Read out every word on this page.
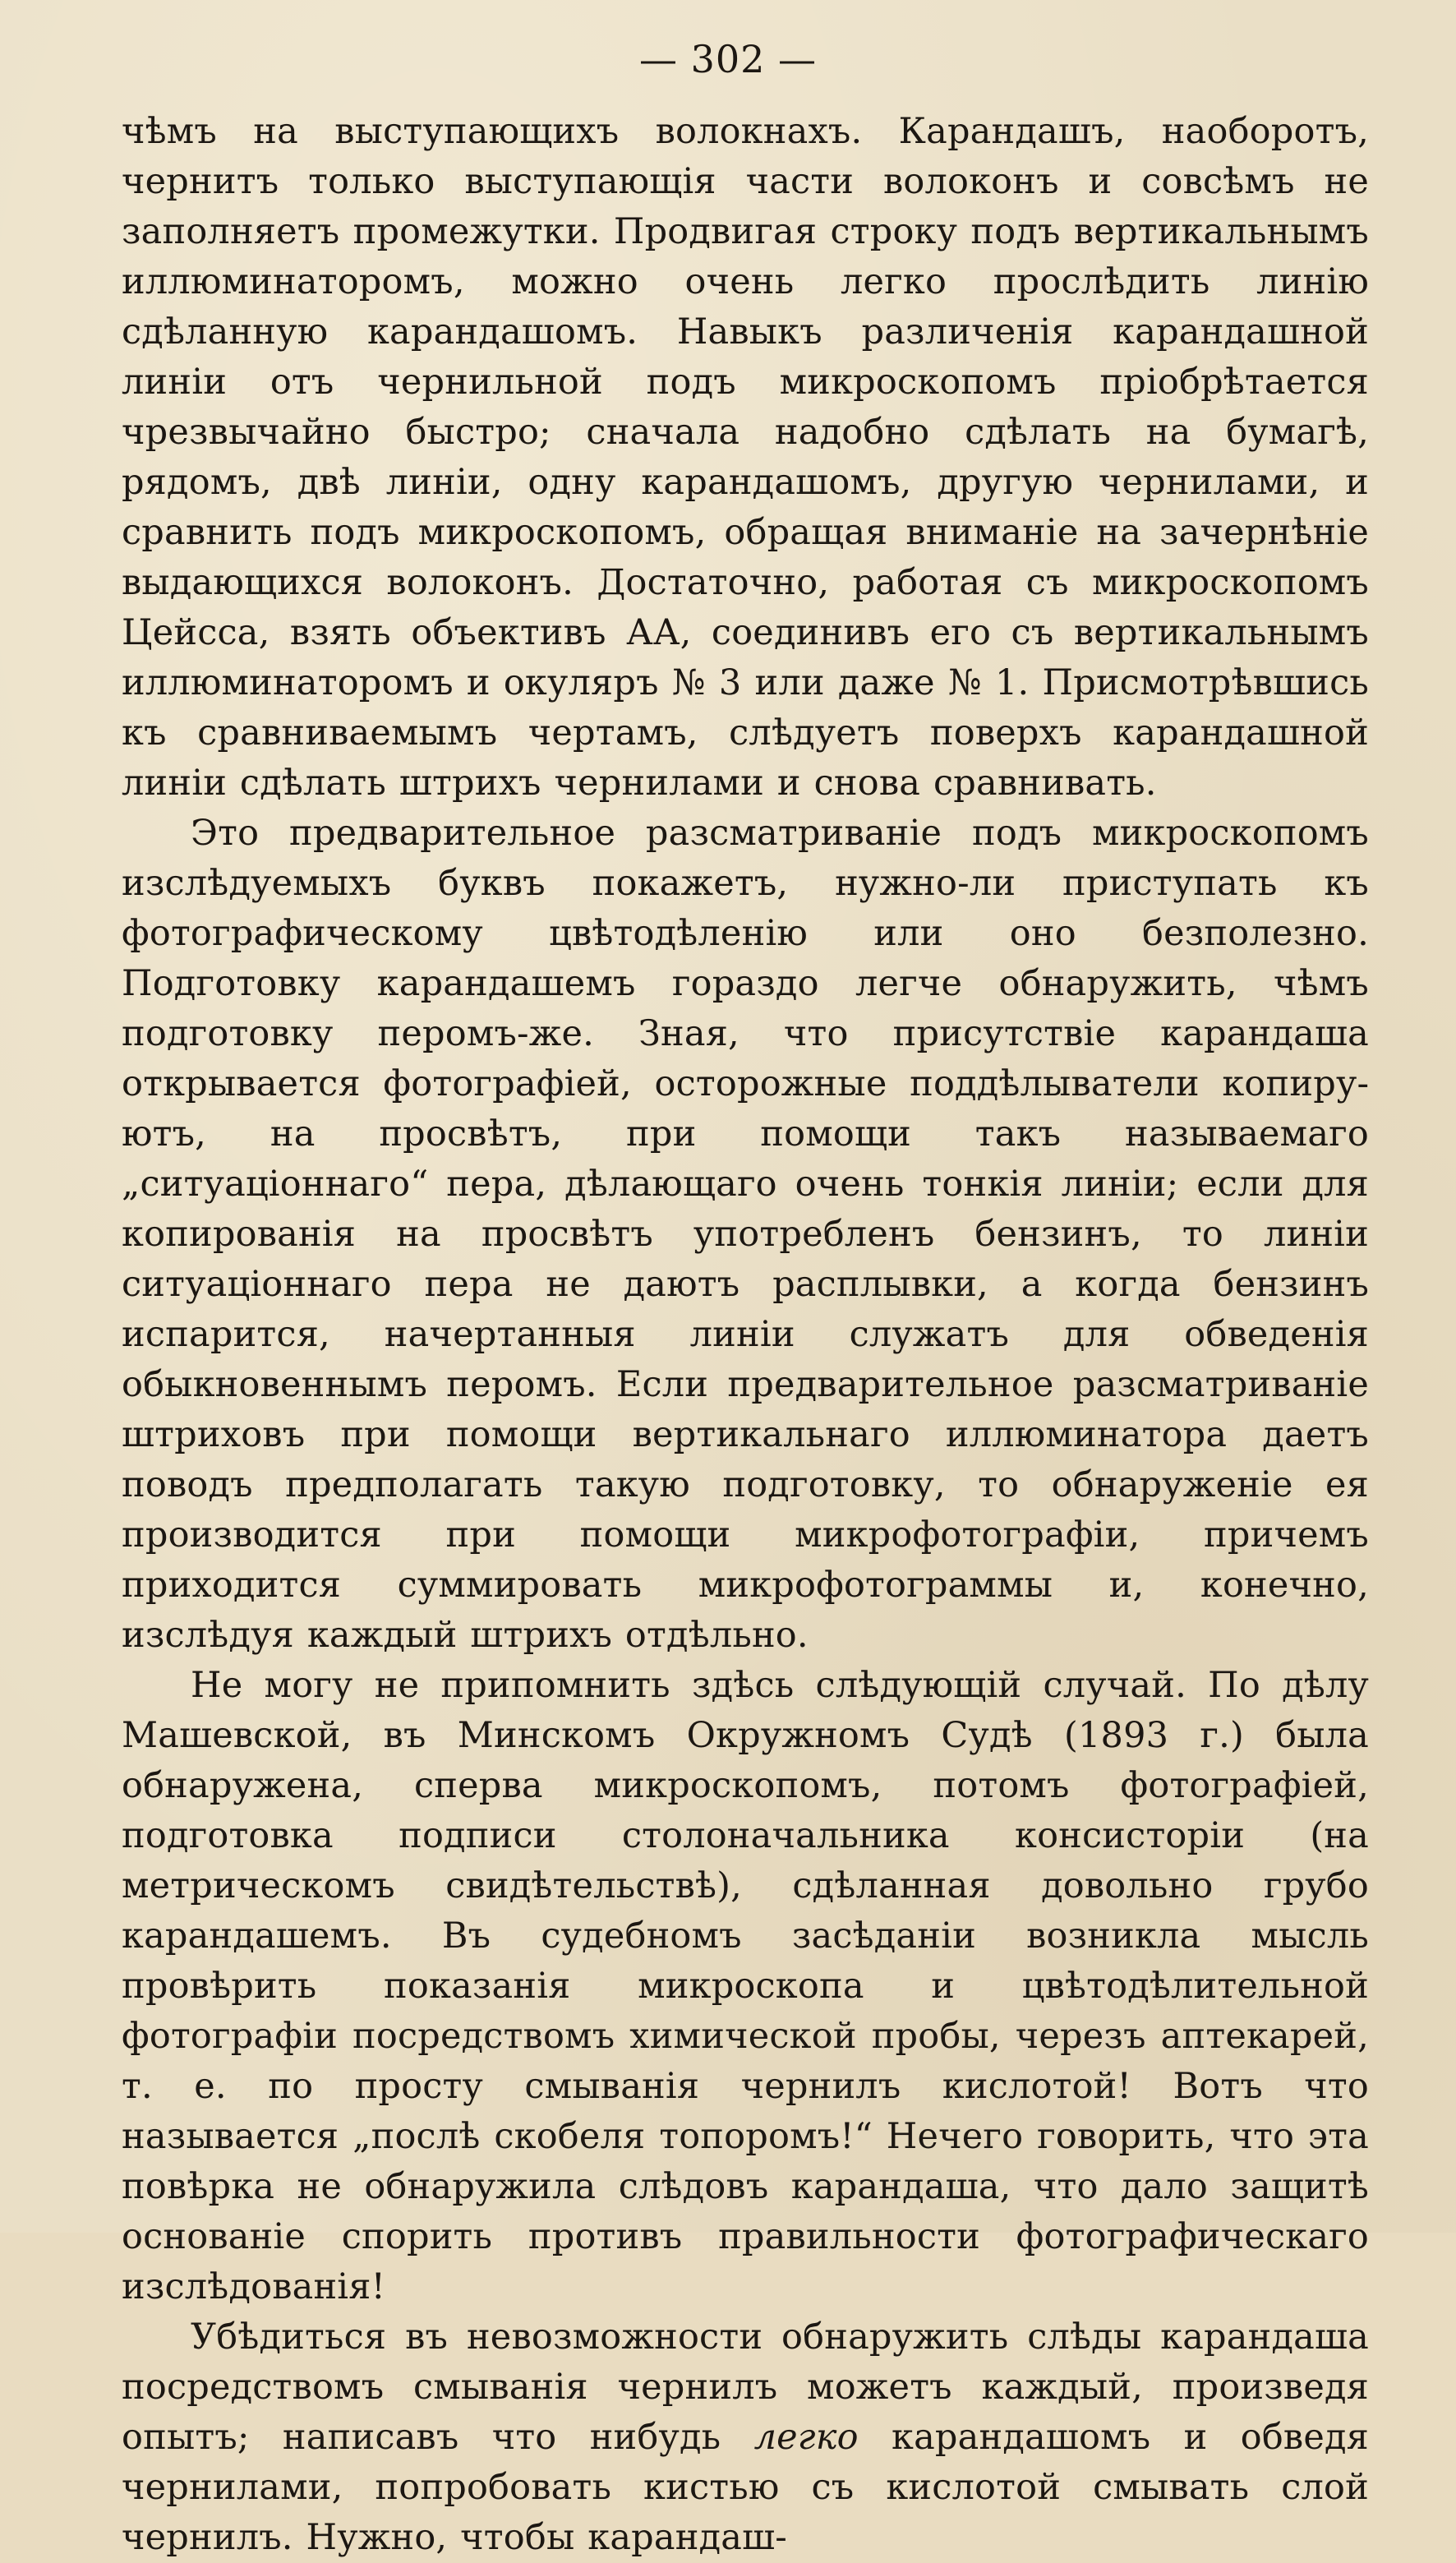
— 302 —

чѣмъ на выступающихъ волокнахъ. Карандашъ, наоборотъ, чернитъ только выступающія части волоконъ и совсѣмъ не заполняетъ промежутки. Продвигая строку подъ вертикальнымъ иллюминаторомъ, можно очень легко прослѣдить линію сдѣланную карандашомъ. Навыкъ различенія карандашной линіи отъ чернильной подъ микроскопомъ пріобрѣтается чрезвычайно быстро; сначала надобно сдѣлать на бумагѣ, рядомъ, двѣ линіи, одну карандашомъ, другую чернилами, и сравнить подъ микроскопомъ, обращая вниманіе на зачернѣніе выдающихся волоконъ. Достаточно, работая съ микроскопомъ Цейсса, взять объективъ АА, соединивъ его съ вертикальнымъ иллюминаторомъ и окуляръ № 3 или даже № 1. Присмотрѣвшись къ сравниваемымъ чертамъ, слѣдуетъ поверхъ карандашной линіи сдѣлать штрихъ чернилами и снова сравнивать.

Это предварительное разсматриваніе подъ микроскопомъ изслѣдуемыхъ буквъ покажетъ, нужно-ли приступать къ фотографическому цвѣтодѣленію или оно безполезно. Подготовку карандашемъ гораздо легче обнаружить, чѣмъ подготовку перомъ-же. Зная, что присутствіе карандаша открывается фотографіей, осторожные поддѣлыватели копируютъ, на просвѣтъ, при помощи такъ называемаго „ситуаціоннаго“ пера, дѣлающаго очень тонкія линіи; если для копированія на просвѣтъ употребленъ бензинъ, то линіи ситуаціоннаго пера не даютъ расплывки, а когда бензинъ испарится, начертанныя линіи служатъ для обведенія обыкновеннымъ перомъ. Если предварительное разсматриваніе штриховъ при помощи вертикальнаго иллюминатора даетъ поводъ предполагать такую подготовку, то обнаруженіе ея производится при помощи микрофотографіи, причемъ приходится суммировать микрофотограммы и, конечно, изслѣдуя каждый штрихъ отдѣльно.

Не могу не припомнить здѣсь слѣдующій случай. По дѣлу Машевской, въ Минскомъ Окружномъ Судѣ (1893 г.) была обнаружена, сперва микроскопомъ, потомъ фотографіей, подготовка подписи столоначальника консисторіи (на метрическомъ свидѣтельствѣ), сдѣланная довольно грубо карандашемъ. Въ судебномъ засѣданіи возникла мысль провѣрить показанія микроскопа и цвѣтодѣлительной фотографіи посредствомъ химической пробы, черезъ аптекарей, т. е. по просту смыванія чернилъ кислотой! Вотъ что называется „послѣ скобеля топоромъ!“ Нечего говорить, что эта повѣрка не обнаружила слѣдовъ карандаша, что дало защитѣ основаніе спорить противъ правильности фотографическаго изслѣдованія!

Убѣдиться въ невозможности обнаружить слѣды карандаша посредствомъ смыванія чернилъ можетъ каждый, произведя опытъ; написавъ что нибудь легко карандашомъ и обведя чернилами, попробовать кистью съ кислотой смывать слой чернилъ. Нужно, чтобы карандаш-
